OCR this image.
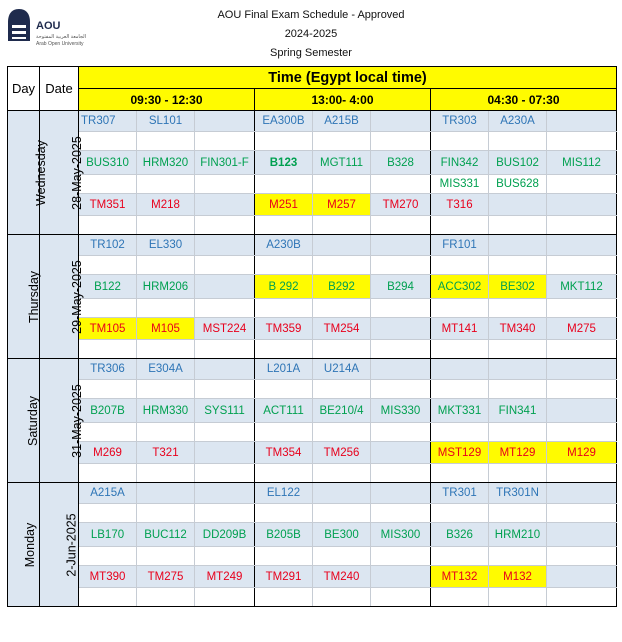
AOU
الجامعة العربية المفتوحة
Arab Open University
AOU Final Exam Schedule - Approved
2024-2025
Spring Semester
Day	Date	Time (Egypt local time)								
		09:30 - 12:30			13:00- 4:00			04:30 - 07:30		
Wednesday	28-May-2025	TR307	SL101		EA300B	A215B		TR303	A230A	

		BUS310	HRM320	FIN301-F	B123	MGT111	B328	FIN342	BUS102	MIS112
								MIS331	BUS628	
		TM351	M218		M251	M257	TM270	T316		

Thursday	29-May-2025	TR102	EL330		A230B			FR101		

		B122	HRM206		B 292	B292	B294	ACC302	BE302	MKT112

		TM105	M105	MST224	TM359	TM254		MT141	TM340	M275

Saturday	31-May-2025	TR306	E304A		L201A	U214A				

		B207B	HRM330	SYS111	ACT111	BE210/4	MIS330	MKT331	FIN341	

		M269	T321		TM354	TM256		MST129	MT129	M129

Monday	2-Jun-2025	A215A			EL122			TR301	TR301N	

		LB170	BUC112	DD209B	B205B	BE300	MIS300	B326	HRM210	

		MT390	TM275	MT249	TM291	TM240		MT132	M132	
